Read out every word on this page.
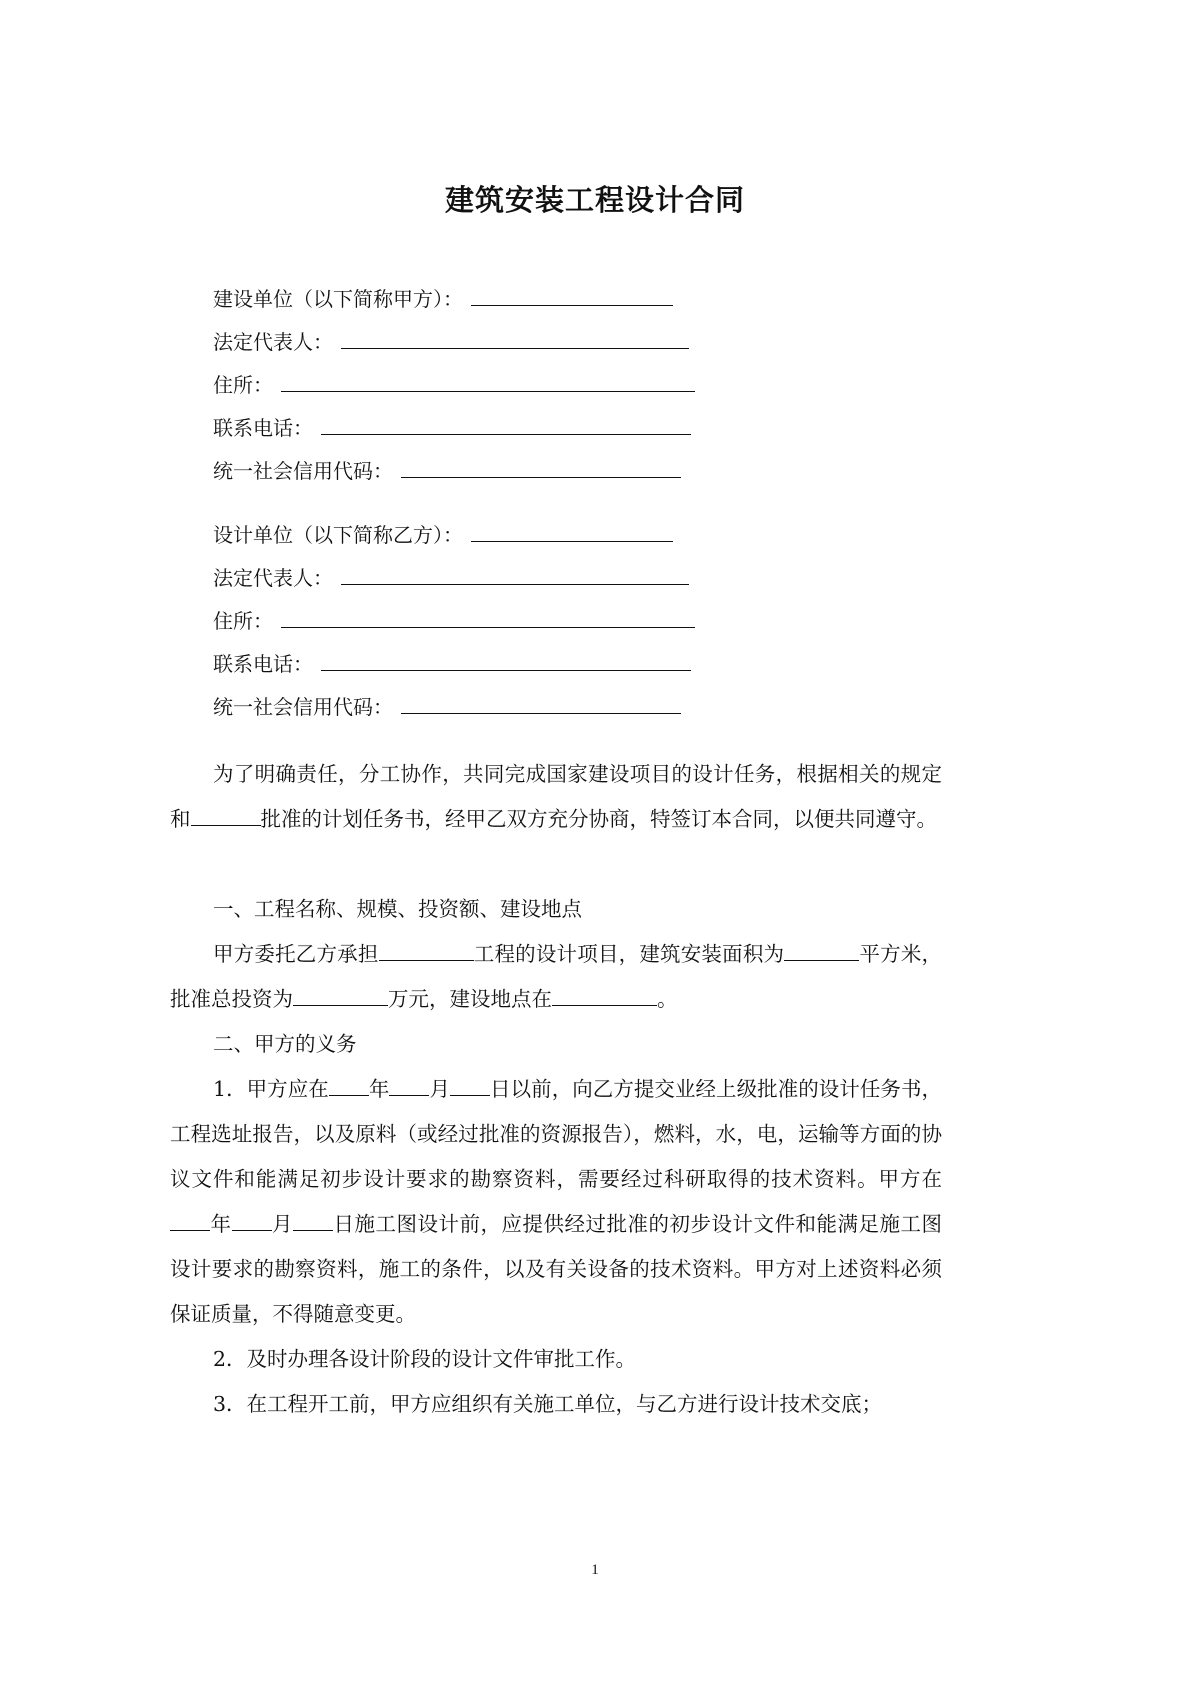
建筑安装工程设计合同
建设单位（以下简称甲方）：
法定代表人：
住所：
联系电话：
统一社会信用代码：
设计单位（以下简称乙方）：
法定代表人：
住所：
联系电话：
统一社会信用代码：

为了明确责任，分工协作，共同完成国家建设项目的设计任务，根据相关的规定和	批准的计划任务书，经甲乙双方充分协商，特签订本合同，以便共同遵守。

一、工程名称、规模、投资额、建设地点

甲方委托乙方承担	工程的设计项目，建筑安装面积为	平方米，批准总投资为	万元，建设地点在	。

二、甲方的义务

1．甲方应在 年 月 日以前，向乙方提交业经上级批准的设计任务书，工程选址报告，以及原料（或经过批准的资源报告），燃料，水，电，运输等方面的协议文件和能满足初步设计要求的勘察资料，需要经过科研取得的技术资料。甲方在年 月 日施工图设计前，应提供经过批准的初步设计文件和能满足施工图设计要求的勘察资料，施工的条件，以及有关设备的技术资料。甲方对上述资料必须保证质量，不得随意变更。

2．及时办理各设计阶段的设计文件审批工作。

3．在工程开工前，甲方应组织有关施工单位，与乙方进行设计技术交底；

1
